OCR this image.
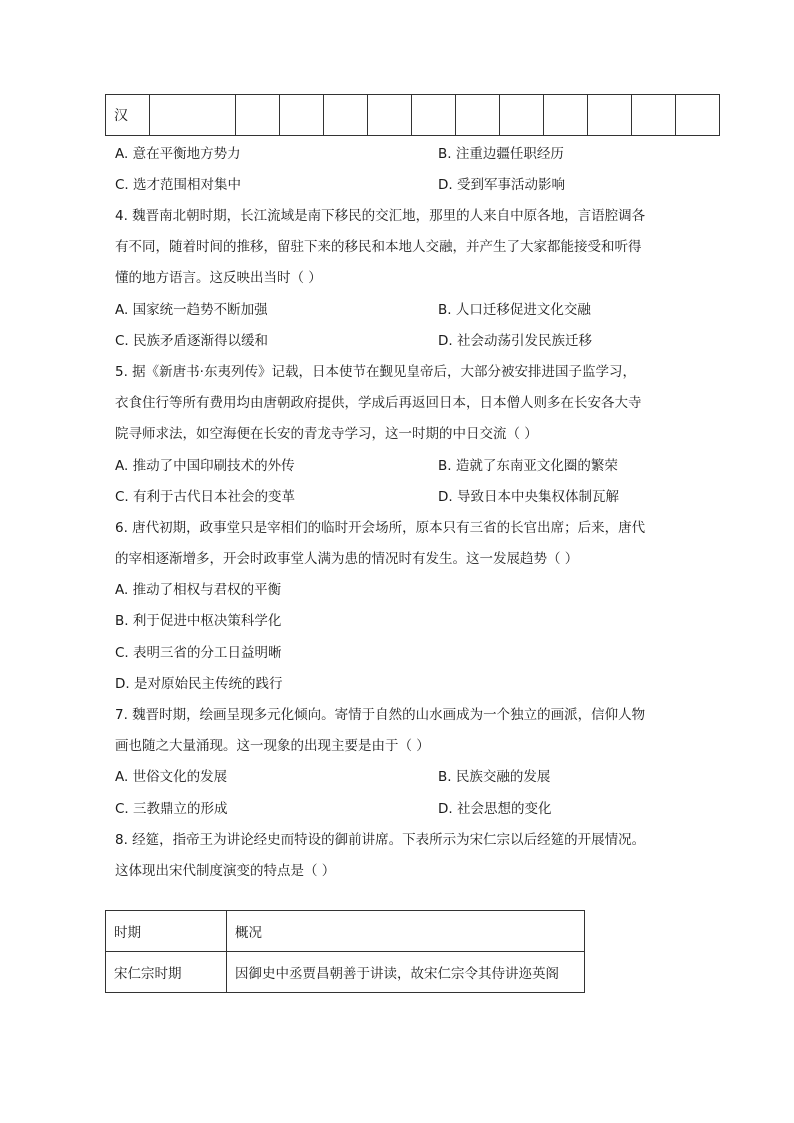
汉												
A. 意在平衡地方势力	B. 注重边疆任职经历
C. 选才范围相对集中	D. 受到军事活动影响
4. 魏晋南北朝时期，长江流域是南下移民的交汇地，那里的人来自中原各地，言语腔调各
有不同，随着时间的推移，留驻下来的移民和本地人交融，并产生了大家都能接受和听得
懂的地方语言。这反映出当时（ ）
A. 国家统一趋势不断加强	B. 人口迁移促进文化交融
C. 民族矛盾逐渐得以缓和	D. 社会动荡引发民族迁移
5. 据《新唐书·东夷列传》记载，日本使节在觐见皇帝后，大部分被安排进国子监学习，
衣食住行等所有费用均由唐朝政府提供，学成后再返回日本，日本僧人则多在长安各大寺
院寻师求法，如空海便在长安的青龙寺学习，这一时期的中日交流（ ）
A. 推动了中国印刷技术的外传	B. 造就了东南亚文化圈的繁荣
C. 有利于古代日本社会的变革	D. 导致日本中央集权体制瓦解
6. 唐代初期，政事堂只是宰相们的临时开会场所，原本只有三省的长官出席；后来，唐代
的宰相逐渐增多，开会时政事堂人满为患的情况时有发生。这一发展趋势（ ）
A. 推动了相权与君权的平衡
B. 利于促进中枢决策科学化
C. 表明三省的分工日益明晰
D. 是对原始民主传统的践行
7. 魏晋时期，绘画呈现多元化倾向。寄情于自然的山水画成为一个独立的画派，信仰人物
画也随之大量涌现。这一现象的出现主要是由于（ ）
A. 世俗文化的发展	B. 民族交融的发展
C. 三教鼎立的形成	D. 社会思想的变化
8. 经筵，指帝王为讲论经史而特设的御前讲席。下表所示为宋仁宗以后经筵的开展情况。
这体现出宋代制度演变的特点是（ ）
时期	概况
宋仁宗时期	因御史中丞贾昌朝善于讲读，故宋仁宗令其侍讲迩英阁
